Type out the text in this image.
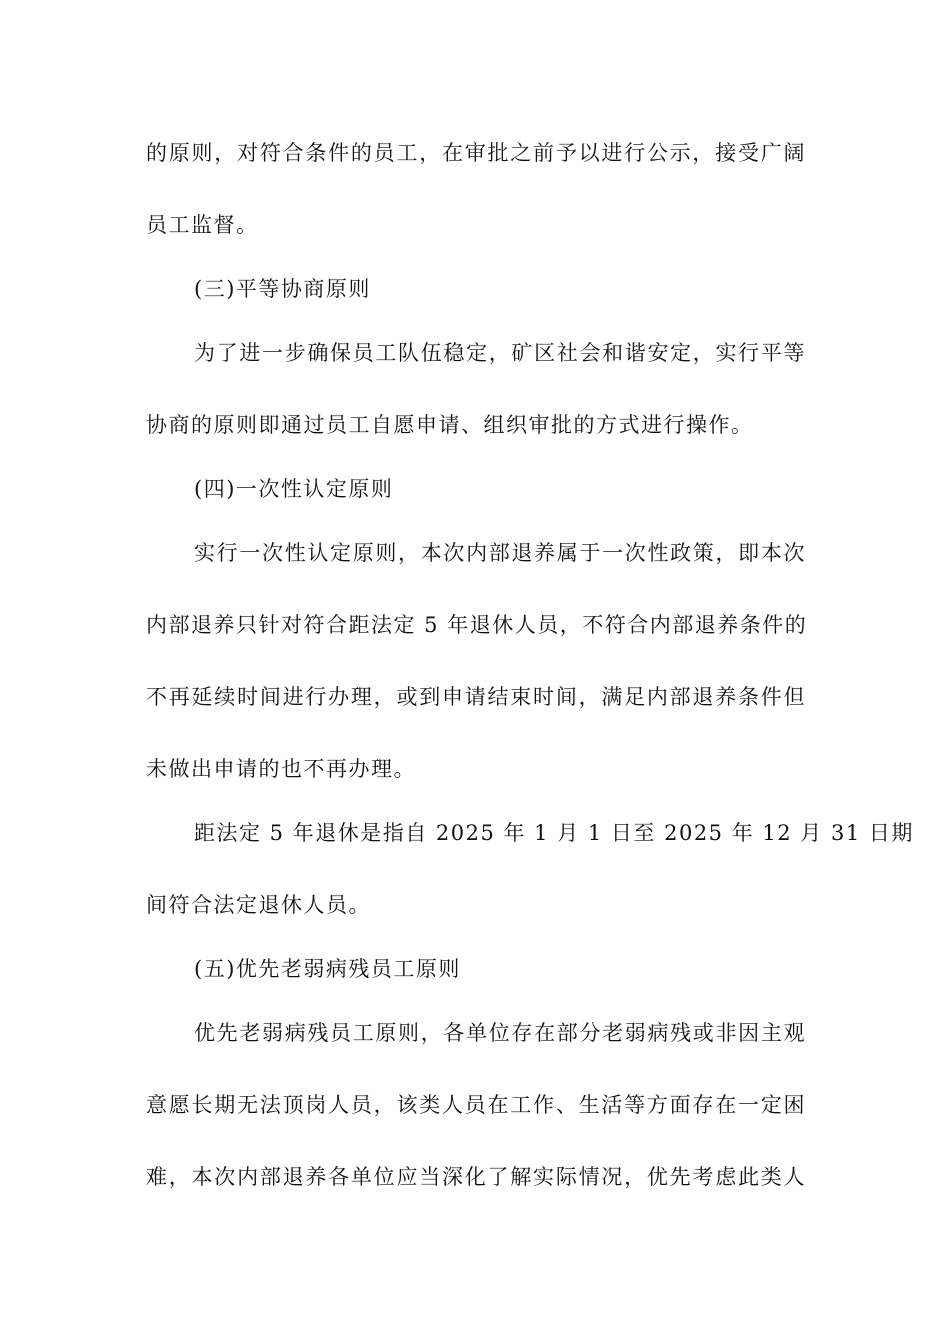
的原则，对符合条件的员工，在审批之前予以进行公示，接受广阔
员工监督。
(三)平等协商原则
为了进一步确保员工队伍稳定，矿区社会和谐安定，实行平等
协商的原则即通过员工自愿申请、组织审批的方式进行操作。
(四)一次性认定原则
实行一次性认定原则，本次内部退养属于一次性政策，即本次
内部退养只针对符合距法定 5 年退休人员，不符合内部退养条件的
不再延续时间进行办理，或到申请结束时间，满足内部退养条件但
未做出申请的也不再办理。
距法定 5 年退休是指自 2025 年 1 月 1 日至 2025 年 12 月 31 日期
间符合法定退休人员。
(五)优先老弱病残员工原则
优先老弱病残员工原则，各单位存在部分老弱病残或非因主观
意愿长期无法顶岗人员，该类人员在工作、生活等方面存在一定困
难，本次内部退养各单位应当深化了解实际情况，优先考虑此类人
